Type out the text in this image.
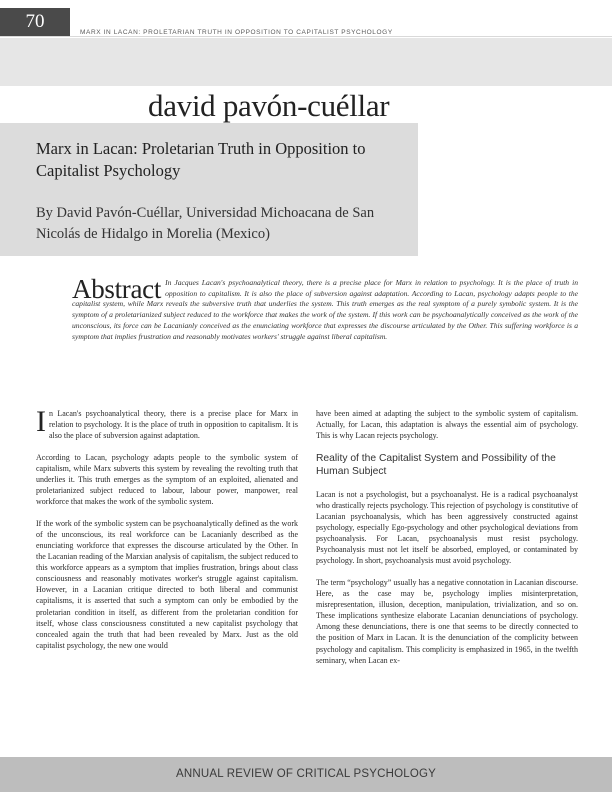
70
MARX IN LACAN: PROLETARIAN TRUTH IN OPPOSITION TO CAPITALIST PSYCHOLOGY
david pavón-cuéllar
Marx in Lacan: Proletarian Truth in Opposition to Capitalist Psychology
By David Pavón-Cuéllar, Universidad Michoacana de San Nicolás de Hidalgo in Morelia (Mexico)
Abstract In Jacques Lacan's psychoanalytical theory, there is a precise place for Marx in relation to psychology. It is the place of truth in opposition to capitalism. It is also the place of subversion against adaptation. According to Lacan, psychology adapts people to the capitalist system, while Marx reveals the subversive truth that underlies the system. This truth emerges as the real symptom of a purely symbolic system. It is the symptom of a proletarianized subject reduced to the workforce that makes the work of the system. If this work can be psychoanalytically conceived as the work of the unconscious, its force can be Lacanianly conceived as the enunciating workforce that expresses the discourse articulated by the Other. This suffering workforce is a symptom that implies frustration and reasonably motivates workers' struggle against liberal capitalism.

I n Lacan's psychoanalytical theory, there is a precise place for Marx in relation to psychology. It is the place of truth in opposition to capitalism. It is also the place of subversion against adaptation.

According to Lacan, psychology adapts people to the symbolic system of capitalism, while Marx subverts this system by revealing the revolting truth that underlies it. This truth emerges as the symptom of an exploited, alienated and proletarianized subject reduced to labour, labour power, manpower, real workforce that makes the work of the symbolic system.

If the work of the symbolic system can be psychoanalytically defined as the work of the unconscious, its real workforce can be Lacanianly described as the enunciating workforce that expresses the discourse articulated by the Other. In the Lacanian reading of the Marxian analysis of capitalism, the subject reduced to this workforce appears as a symptom that implies frustration, brings about class consciousness and reasonably motivates worker's struggle against capitalism. However, in a Lacanian critique directed to both liberal and communist capitalisms, it is asserted that such a symptom can only be embodied by the proletarian condition in itself, as different from the proletarian condition for itself, whose class consciousness constituted a new capitalist psychology that concealed again the truth that had been revealed by Marx. Just as the old capitalist psychology, the new one would

have been aimed at adapting the subject to the symbolic system of capitalism. Actually, for Lacan, this adaptation is always the essential aim of psychology. This is why Lacan rejects psychology.

Reality of the Capitalist System and Possibility of the Human Subject

Lacan is not a psychologist, but a psychoanalyst. He is a radical psychoanalyst who drastically rejects psychology. This rejection of psychology is constitutive of Lacanian psychoanalysis, which has been aggressively constructed against psychology, especially Ego-psychology and other psychological deviations from psychoanalysis. For Lacan, psychoanalysis must resist psychology. Psychoanalysis must not let itself be absorbed, employed, or contaminated by psychology. In short, psychoanalysis must avoid psychology.

The term “psychology” usually has a negative connotation in Lacanian discourse. Here, as the case may be, psychology implies misinterpretation, misrepresentation, illusion, deception, manipulation, trivialization, and so on. These implications synthesize elaborate Lacanian denunciations of psychology. Among these denunciations, there is one that seems to be directly connected to the position of Marx in Lacan. It is the denunciation of the complicity between psychology and capitalism. This complicity is emphasized in 1965, in the twelfth seminary, when Lacan ex-

ANNUAL REVIEW OF CRITICAL PSYCHOLOGY
